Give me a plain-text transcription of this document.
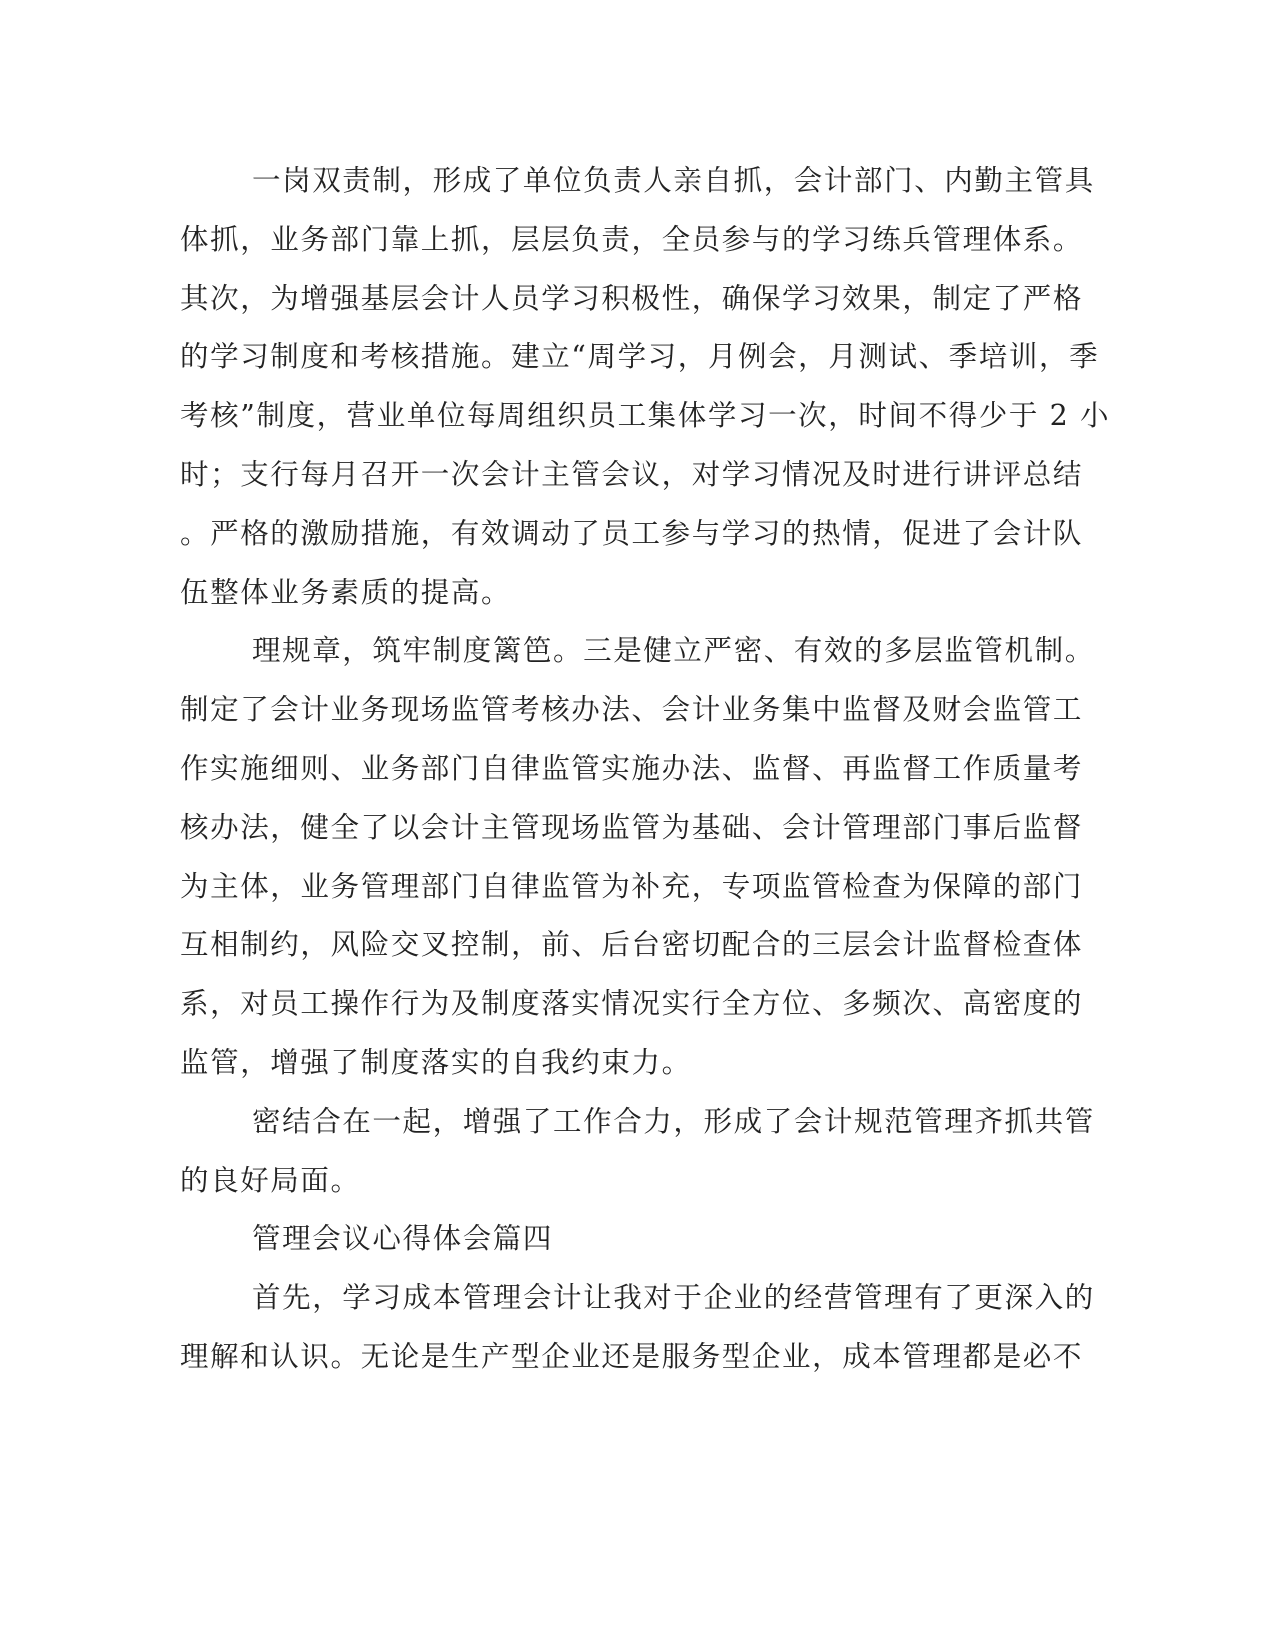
一岗双责制，形成了单位负责人亲自抓，会计部门、内勤主管具
体抓，业务部门靠上抓，层层负责，全员参与的学习练兵管理体系。
其次，为增强基层会计人员学习积极性，确保学习效果，制定了严格
的学习制度和考核措施。建立“周学习，月例会，月测试、季培训，季
考核”制度，营业单位每周组织员工集体学习一次，时间不得少于 2 小
时；支行每月召开一次会计主管会议，对学习情况及时进行讲评总结
。严格的激励措施，有效调动了员工参与学习的热情，促进了会计队
伍整体业务素质的提高。
理规章，筑牢制度篱笆。三是健立严密、有效的多层监管机制。
制定了会计业务现场监管考核办法、会计业务集中监督及财会监管工
作实施细则、业务部门自律监管实施办法、监督、再监督工作质量考
核办法，健全了以会计主管现场监管为基础、会计管理部门事后监督
为主体，业务管理部门自律监管为补充，专项监管检查为保障的部门
互相制约，风险交叉控制，前、后台密切配合的三层会计监督检查体
系，对员工操作行为及制度落实情况实行全方位、多频次、高密度的
监管，增强了制度落实的自我约束力。
密结合在一起，增强了工作合力，形成了会计规范管理齐抓共管
的良好局面。
管理会议心得体会篇四
首先，学习成本管理会计让我对于企业的经营管理有了更深入的
理解和认识。无论是生产型企业还是服务型企业，成本管理都是必不
